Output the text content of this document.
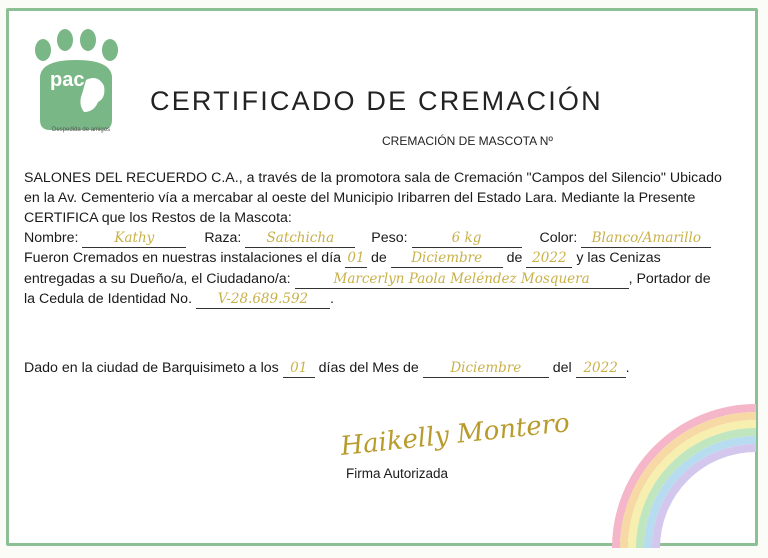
pac
Despedida de amigos
CERTIFICADO DE CREMACIÓN
CREMACIÓN DE MASCOTA Nº
SALONES DEL RECUERDO C.A., a través de la promotora sala de Cremación "Campos del Silencio" Ubicado en la Av. Cementerio vía a mercabar al oeste del Municipio Iribarren del Estado Lara. Mediante la Presente CERTIFICA que los Restos de la Mascota:
Nombre:	Kathy	Raza: Satchicha	Peso:	6 kg	Color: Blanco/Amarillo
Fueron Cremados en nuestras instalaciones el día 01 de Diciembre de 2022 y las Cenizas
entregadas a su Dueño/a, el Ciudadano/a:	Marcerlyn Paola Meléndez Mosquera	, Portador de
la Cedula de Identidad No. V-28.689.592 .
Dado en la ciudad de Barquisimeto a los 01 días del Mes de Diciembre del 2022 .
Haikelly Montero
Firma Autorizada
